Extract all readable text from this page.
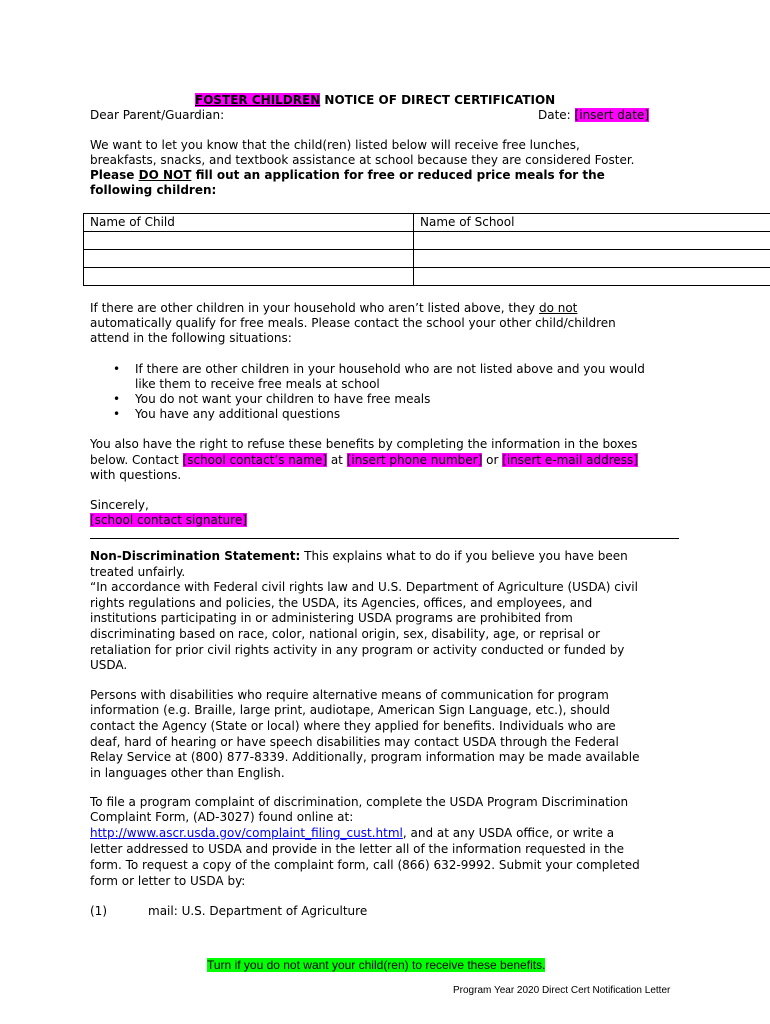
FOSTER CHILDREN NOTICE OF DIRECT CERTIFICATION
Dear Parent/Guardian:	Date: [insert date]
We want to let you know that the child(ren) listed below will receive free lunches,
breakfasts, snacks, and textbook assistance at school because they are considered Foster.
Please DO NOT fill out an application for free or reduced price meals for the
following children:
Name of Child	Name of School

If there are other children in your household who aren’t listed above, they do not
automatically qualify for free meals. Please contact the school your other child/children
attend in the following situations:
• If there are other children in your household who are not listed above and you would
like them to receive free meals at school
• You do not want your children to have free meals
• You have any additional questions
You also have the right to refuse these benefits by completing the information in the boxes
below. Contact [school contact’s name] at [insert phone number] or [insert e-mail address]
with questions.
Sincerely,
[school contact signature]
Non-Discrimination Statement: This explains what to do if you believe you have been
treated unfairly.
“In accordance with Federal civil rights law and U.S. Department of Agriculture (USDA) civil
rights regulations and policies, the USDA, its Agencies, offices, and employees, and
institutions participating in or administering USDA programs are prohibited from
discriminating based on race, color, national origin, sex, disability, age, or reprisal or
retaliation for prior civil rights activity in any program or activity conducted or funded by
USDA.
Persons with disabilities who require alternative means of communication for program
information (e.g. Braille, large print, audiotape, American Sign Language, etc.), should
contact the Agency (State or local) where they applied for benefits. Individuals who are
deaf, hard of hearing or have speech disabilities may contact USDA through the Federal
Relay Service at (800) 877-8339. Additionally, program information may be made available
in languages other than English.
To file a program complaint of discrimination, complete the USDA Program Discrimination
Complaint Form, (AD-3027) found online at:
http://www.ascr.usda.gov/complaint_filing_cust.html, and at any USDA office, or write a
letter addressed to USDA and provide in the letter all of the information requested in the
form. To request a copy of the complaint form, call (866) 632-9992. Submit your completed
form or letter to USDA by:
(1)	mail: U.S. Department of Agriculture
Turn if you do not want your child(ren) to receive these benefits.
Program Year 2020 Direct Cert Notification Letter
